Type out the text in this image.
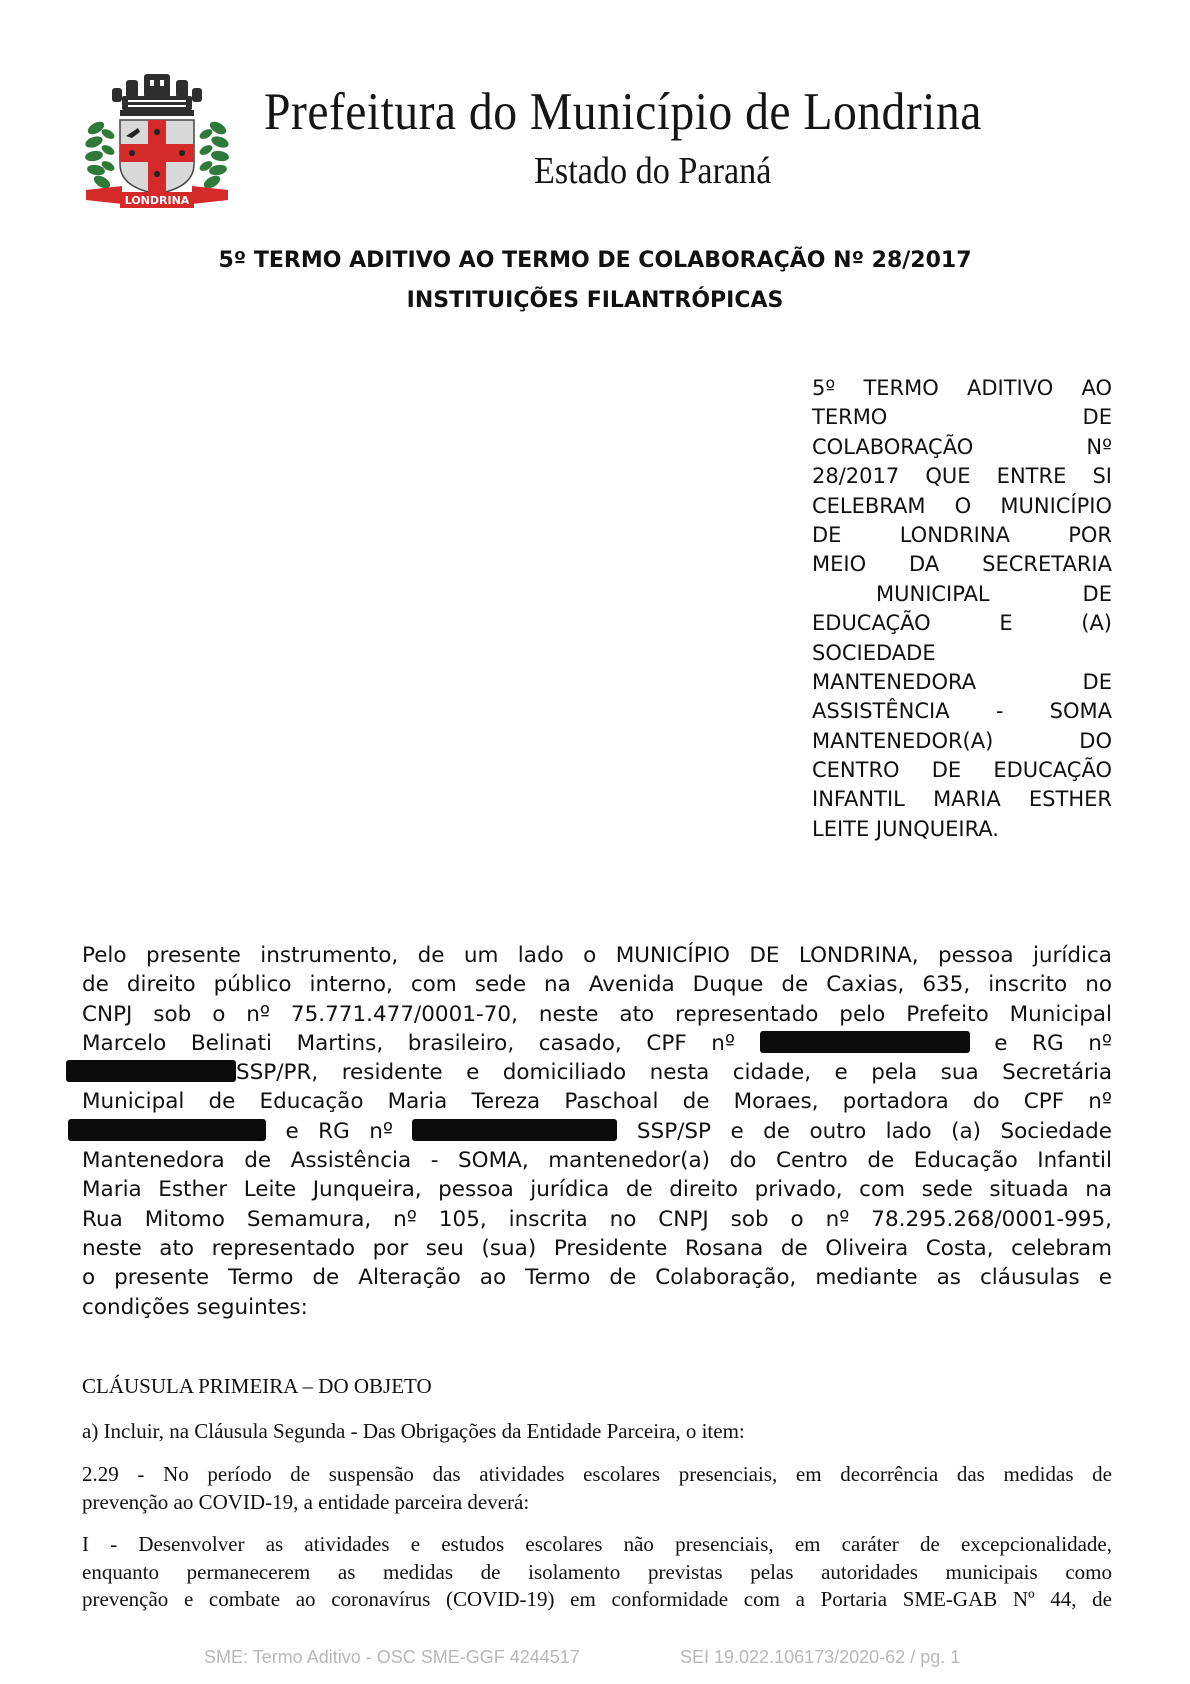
LONDRINA
Prefeitura do Município de Londrina
Estado do Paraná
5º TERMO ADITIVO AO TERMO DE COLABORAÇÃO Nº 28/2017
INSTITUIÇÕES FILANTRÓPICAS
5º TERMO ADITIVO AO
TERMO DE
COLABORAÇÃO Nº
28/2017 QUE ENTRE SI
CELEBRAM O MUNICÍPIO
DE LONDRINA POR
MEIO DA SECRETARIA
MUNICIPAL DE
EDUCAÇÃO E (A)
SOCIEDADE
MANTENEDORA DE
ASSISTÊNCIA - SOMA
MANTENEDOR(A) DO
CENTRO DE EDUCAÇÃO
INFANTIL MARIA ESTHER
LEITE JUNQUEIRA.
Pelo presente instrumento, de um lado o MUNICÍPIO DE LONDRINA, pessoa jurídica
de direito público interno, com sede na Avenida Duque de Caxias, 635, inscrito no
CNPJ sob o nº 75.771.477/0001-70, neste ato representado pelo Prefeito Municipal
Marcelo Belinati Martins, brasileiro, casado, CPF nº	e RG nº
SSP/PR, residente e domiciliado nesta cidade, e pela sua Secretária
Municipal de Educação Maria Tereza Paschoal de Moraes, portadora do CPF nº
e RG nº	SSP/SP e de outro lado (a) Sociedade
Mantenedora de Assistência - SOMA, mantenedor(a) do Centro de Educação Infantil
Maria Esther Leite Junqueira, pessoa jurídica de direito privado, com sede situada na
Rua Mitomo Semamura, nº 105, inscrita no CNPJ sob o nº 78.295.268/0001-995,
neste ato representado por seu (sua) Presidente Rosana de Oliveira Costa, celebram
o presente Termo de Alteração ao Termo de Colaboração, mediante as cláusulas e
condições seguintes:
CLÁUSULA PRIMEIRA – DO OBJETO
a) Incluir, na Cláusula Segunda - Das Obrigações da Entidade Parceira, o item:
2.29 - No período de suspensão das atividades escolares presenciais, em decorrência das medidas de
prevenção ao COVID-19, a entidade parceira deverá:
I - Desenvolver as atividades e estudos escolares não presenciais, em caráter de excepcionalidade,
enquanto permanecerem as medidas de isolamento previstas pelas autoridades municipais como
prevenção e combate ao coronavírus (COVID-19) em conformidade com a Portaria SME-GAB Nº 44, de
SME: Termo Aditivo - OSC SME-GGF 4244517	SEI 19.022.106173/2020-62 / pg. 1
